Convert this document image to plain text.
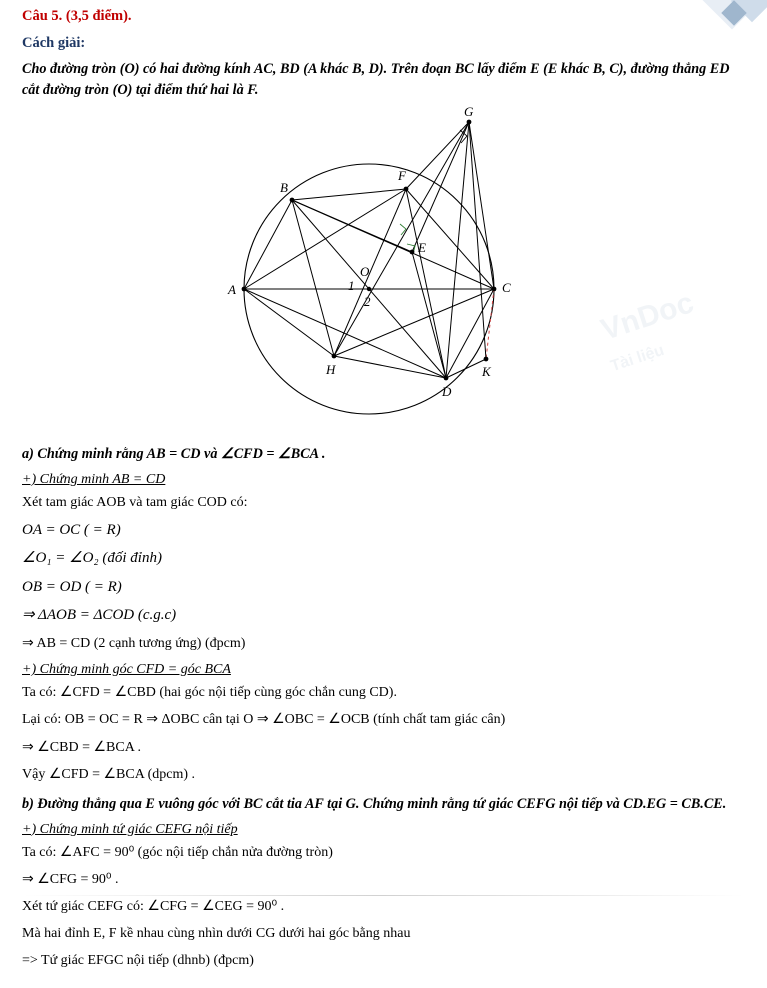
VnDoc
Tài liệu
Câu 5. (3,5 điểm).
Cách giải:
Cho đường tròn (O) có hai đường kính AC, BD (A khác B, D). Trên đoạn BC lấy điểm E (E khác B, C), đường thẳng ED cắt đường tròn (O) tại điểm thứ hai là F.
A
B
C
D
E
F
G
H	K
O
1
2
a) Chứng minh rằng AB = CD và ∠CFD = ∠BCA .
+) Chứng minh AB = CD
Xét tam giác AOB và tam giác COD có:
OA = OC ( = R)
∠O₁ = ∠O₂ (đối đỉnh)
OB = OD ( = R)
⇒ ΔAOB = ΔCOD (c.g.c)
⇒ AB = CD (2 cạnh tương ứng) (đpcm)
+) Chứng minh góc CFD = góc BCA
Ta có: ∠CFD = ∠CBD (hai góc nội tiếp cùng góc chắn cung CD).
Lại có: OB = OC = R ⇒ ΔOBC cân tại O ⇒ ∠OBC = ∠OCB (tính chất tam giác cân)
⇒ ∠CBD = ∠BCA .
Vậy ∠CFD = ∠BCA (dpcm) .
b) Đường thẳng qua E vuông góc với BC cắt tia AF tại G. Chứng minh rằng tứ giác CEFG nội tiếp và CD.EG = CB.CE.
+) Chứng minh tứ giác CEFG nội tiếp
Ta có: ∠AFC = 90⁰ (góc nội tiếp chắn nửa đường tròn)
⇒ ∠CFG = 90⁰ .
Xét tứ giác CEFG có: ∠CFG = ∠CEG = 90⁰ .
Mà hai đỉnh E, F kề nhau cùng nhìn dưới CG dưới hai góc bằng nhau
=> Tứ giác EFGC nội tiếp (dhnb) (đpcm)
